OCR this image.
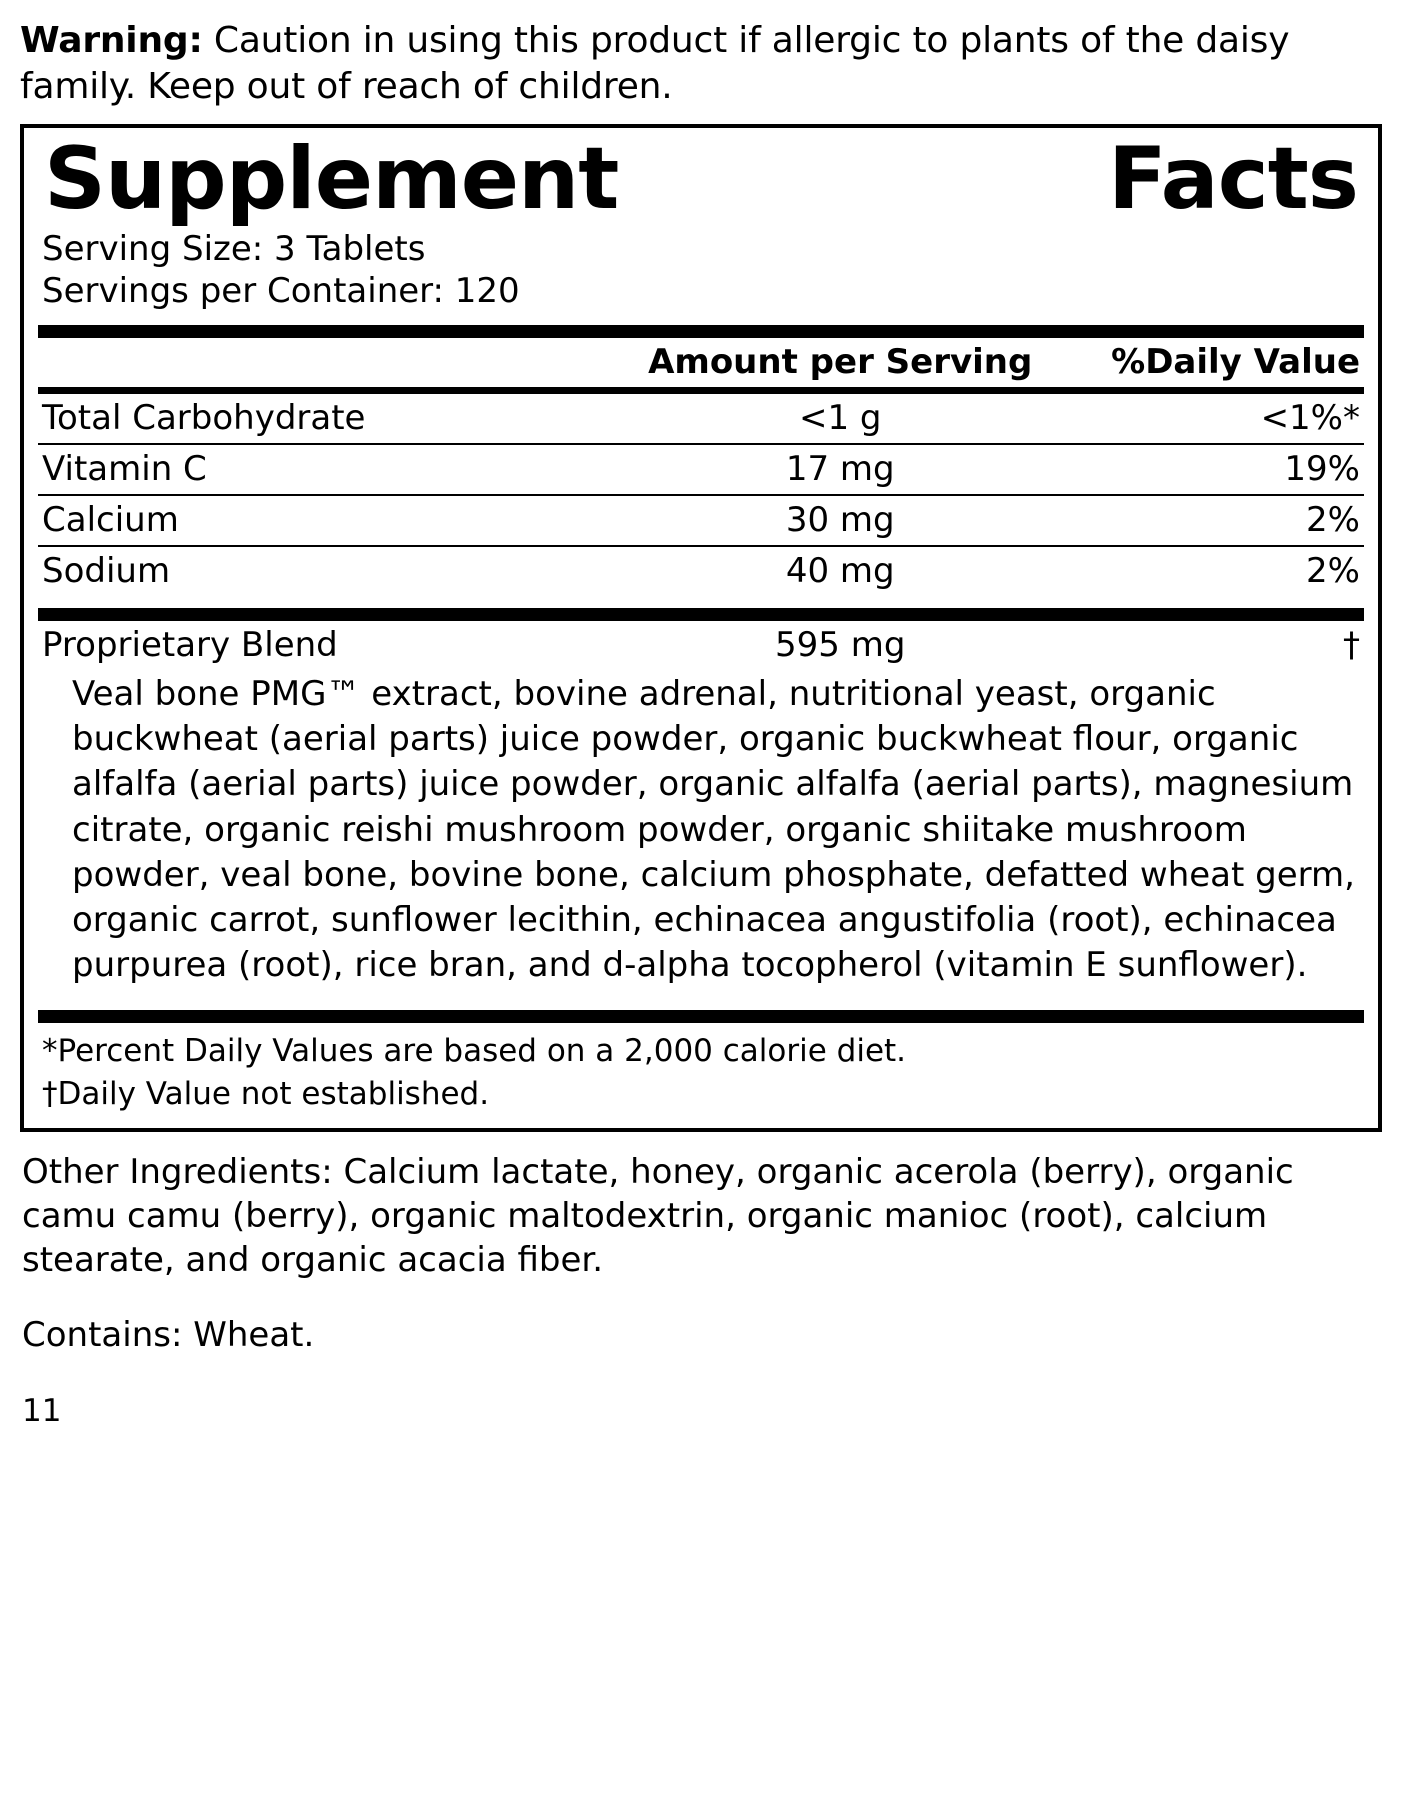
Warning: Caution in using this product if allergic to plants of the daisy family. Keep out of reach of children.

Supplement	Facts
Serving Size: 3 Tablets
Servings per Container: 120
	Amount per Serving	%Daily Value
Total Carbohydrate	<1 g	<1%*
Vitamin C	17 mg	19%
Calcium	30 mg	2%
Sodium	40 mg	2%
Proprietary Blend	595 mg	†
Veal bone PMG™ extract, bovine adrenal, nutritional yeast, organic buckwheat (aerial parts) juice powder, organic buckwheat flour, organic alfalfa (aerial parts) juice powder, organic alfalfa (aerial parts), magnesium citrate, organic reishi mushroom powder, organic shiitake mushroom powder, veal bone, bovine bone, calcium phosphate, defatted wheat germ, organic carrot, sunflower lecithin, echinacea angustifolia (root), echinacea purpurea (root), rice bran, and d-alpha tocopherol (vitamin E sunflower).
*Percent Daily Values are based on a 2,000 calorie diet.
†Daily Value not established.

Other Ingredients: Calcium lactate, honey, organic acerola (berry), organic camu camu (berry), organic maltodextrin, organic manioc (root), calcium stearate, and organic acacia fiber.

Contains: Wheat.

11
